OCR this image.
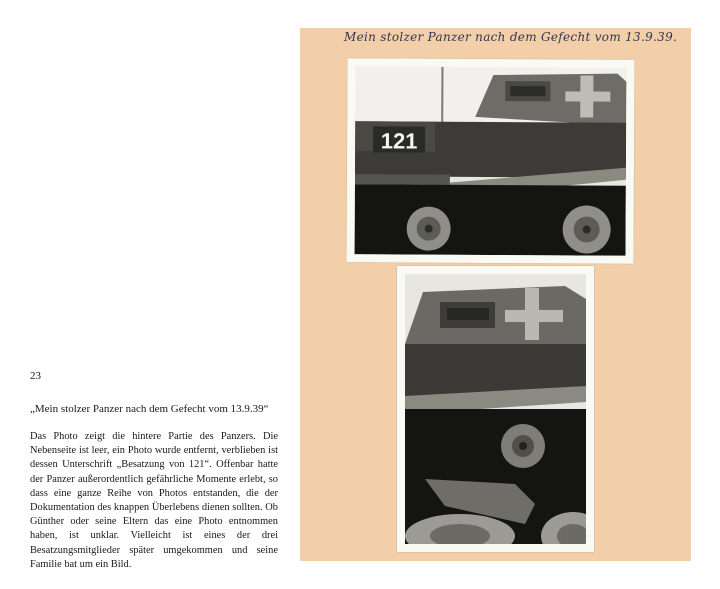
23
„Mein stolzer Panzer nach dem Gefecht vom 13.9.39“
Das Photo zeigt die hintere Partie des Panzers. Die Nebenseite ist leer, ein Photo wurde entfernt, verblieben ist dessen Unterschrift „Besatzung von 121“. Offenbar hatte der Panzer außerordentlich gefährliche Momente erlebt, so dass eine ganze Reihe von Photos entstanden, die der Dokumentation des knappen Überlebens dienen sollten. Ob Günther oder seine Eltern das eine Photo entnommen haben, ist unklar. Vielleicht ist eines der drei Besatzungsmitglieder später umgekommen und seine Familie bat um ein Bild.
Mein stolzer Panzer nach dem Gefecht vom 13.9.39.
121
